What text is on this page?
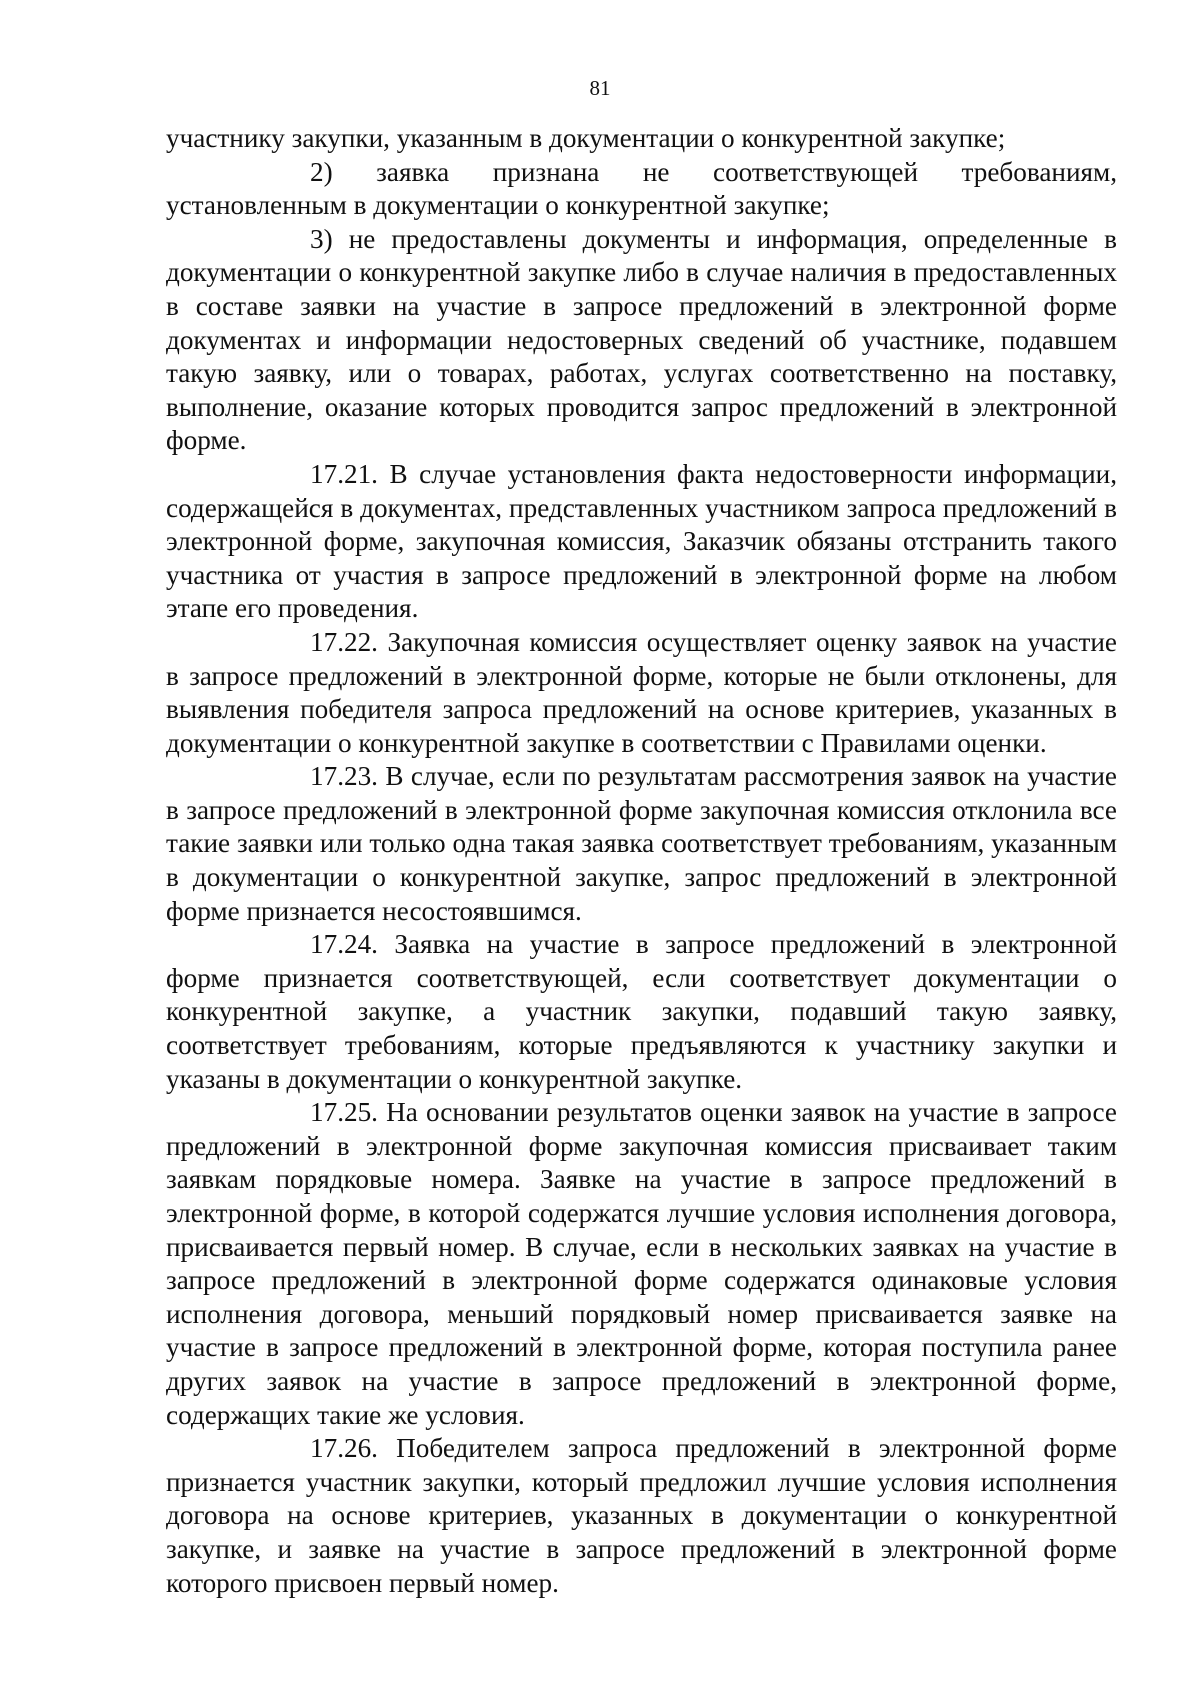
81

участнику закупки, указанным в документации о конкурентной закупке;

2) заявка признана не соответствующей требованиям, установленным в документации о конкурентной закупке;

3) не предоставлены документы и информация, определенные в документации о конкурентной закупке либо в случае наличия в предоставленных в составе заявки на участие в запросе предложений в электронной форме документах и информации недостоверных сведений об участнике, подавшем такую заявку, или о товарах, работах, услугах соответственно на поставку, выполнение, оказание которых проводится запрос предложений в электронной форме.

17.21. В случае установления факта недостоверности информации, содержащейся в документах, представленных участником запроса предложений в электронной форме, закупочная комиссия, Заказчик обязаны отстранить такого участника от участия в запросе предложений в электронной форме на любом этапе его проведения.

17.22. Закупочная комиссия осуществляет оценку заявок на участие в запросе предложений в электронной форме, которые не были отклонены, для выявления победителя запроса предложений на основе критериев, указанных в документации о конкурентной закупке в соответствии с Правилами оценки.

17.23. В случае, если по результатам рассмотрения заявок на участие в запросе предложений в электронной форме закупочная комиссия отклонила все такие заявки или только одна такая заявка соответствует требованиям, указанным в документации о конкурентной закупке, запрос предложений в электронной форме признается несостоявшимся.

17.24. Заявка на участие в запросе предложений в электронной форме признается соответствующей, если соответствует документации о конкурентной закупке, а участник закупки, подавший такую заявку, соответствует требованиям, которые предъявляются к участнику закупки и указаны в документации о конкурентной закупке.

17.25. На основании результатов оценки заявок на участие в запросе предложений в электронной форме закупочная комиссия присваивает таким заявкам порядковые номера. Заявке на участие в запросе предложений в электронной форме, в которой содержатся лучшие условия исполнения договора, присваивается первый номер. В случае, если в нескольких заявках на участие в запросе предложений в электронной форме содержатся одинаковые условия исполнения договора, меньший порядковый номер присваивается заявке на участие в запросе предложений в электронной форме, которая поступила ранее других заявок на участие в запросе предложений в электронной форме, содержащих такие же условия.

17.26. Победителем запроса предложений в электронной форме признается участник закупки, который предложил лучшие условия исполнения договора на основе критериев, указанных в документации о конкурентной закупке, и заявке на участие в запросе предложений в электронной форме которого присвоен первый номер.
